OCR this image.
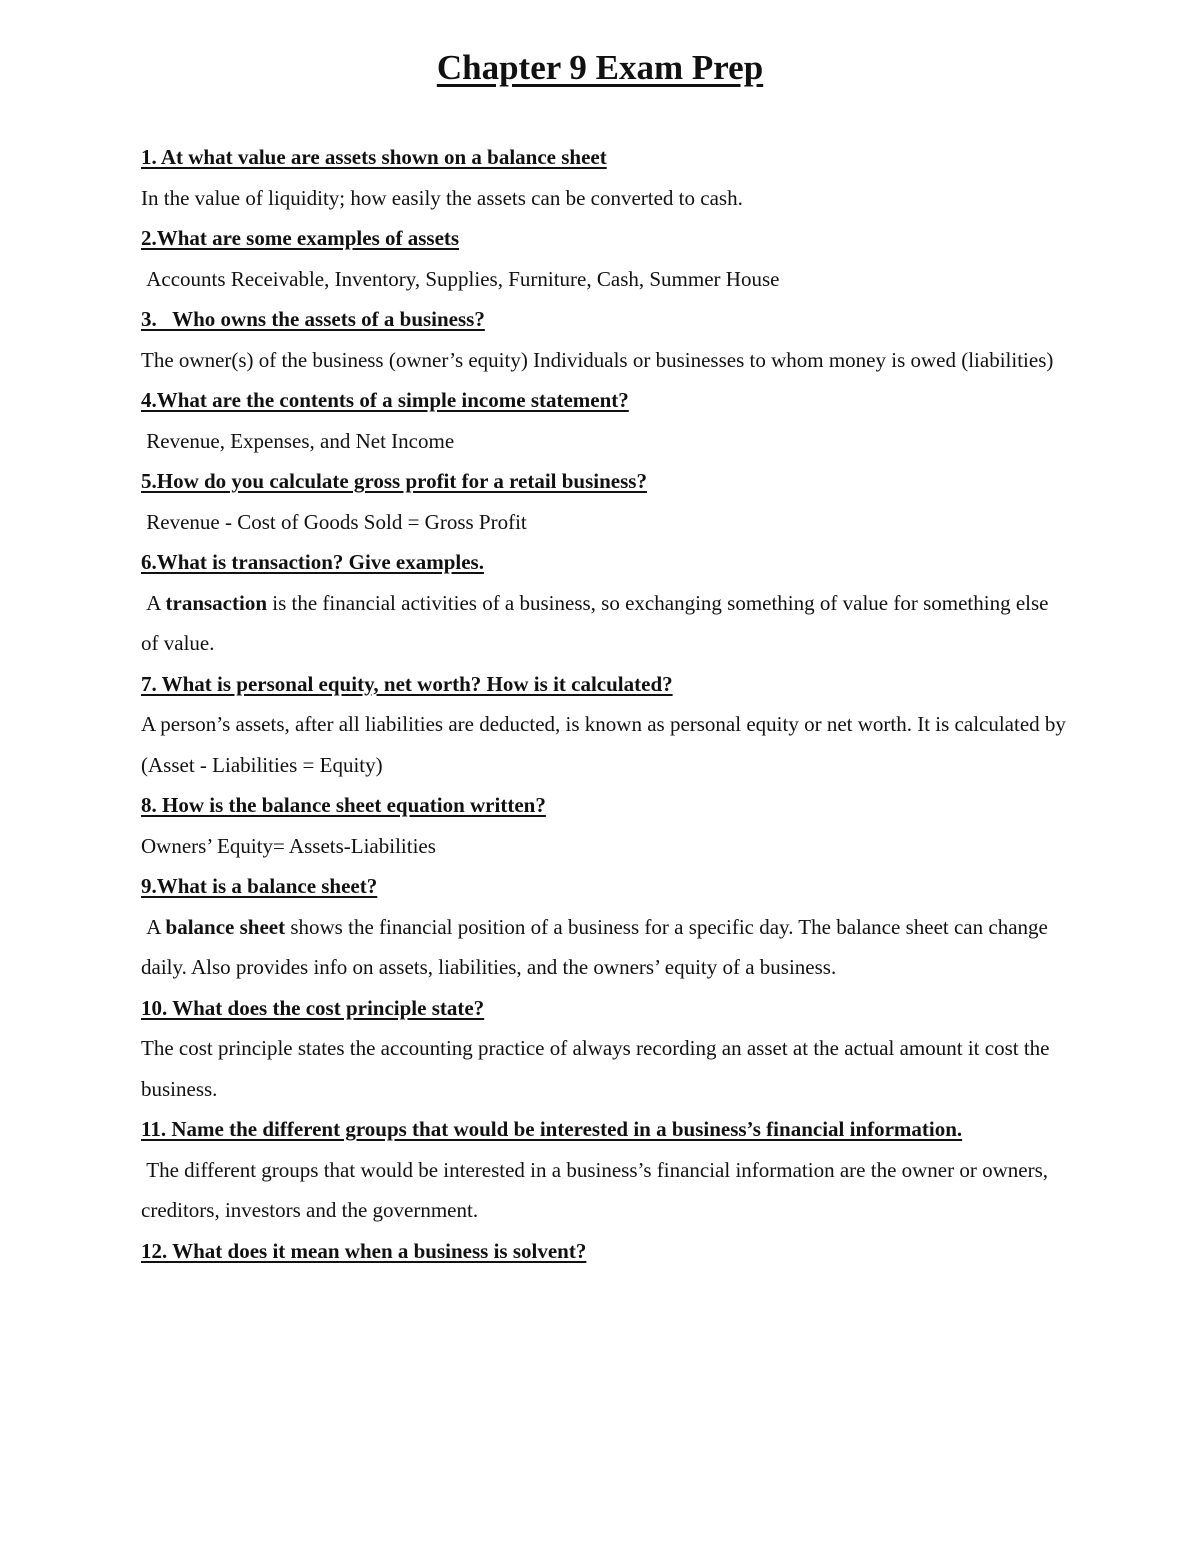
Chapter 9 Exam Prep

1. At what value are assets shown on a balance sheet

In the value of liquidity; how easily the assets can be converted to cash.

2.What are some examples of assets

Accounts Receivable, Inventory, Supplies, Furniture, Cash, Summer House

3.   Who owns the assets of a business?

The owner(s) of the business (owner’s equity) Individuals or businesses to whom money is owed (liabilities)

4.What are the contents of a simple income statement?

Revenue, Expenses, and Net Income

5.How do you calculate gross profit for a retail business?

Revenue - Cost of Goods Sold = Gross Profit

6.What is transaction? Give examples.

A transaction is the financial activities of a business, so exchanging something of value for something else of value.

7. What is personal equity, net worth? How is it calculated?

A person’s assets, after all liabilities are deducted, is known as personal equity or net worth. It is calculated by (Asset - Liabilities = Equity)

8. How is the balance sheet equation written?

Owners’ Equity= Assets-Liabilities

9.What is a balance sheet?

A balance sheet shows the financial position of a business for a specific day. The balance sheet can change daily. Also provides info on assets, liabilities, and the owners’ equity of a business.

10. What does the cost principle state?

The cost principle states the accounting practice of always recording an asset at the actual amount it cost the business.

11. Name the different groups that would be interested in a business’s financial information.

The different groups that would be interested in a business’s financial information are the owner or owners, creditors, investors and the government.

12. What does it mean when a business is solvent?
